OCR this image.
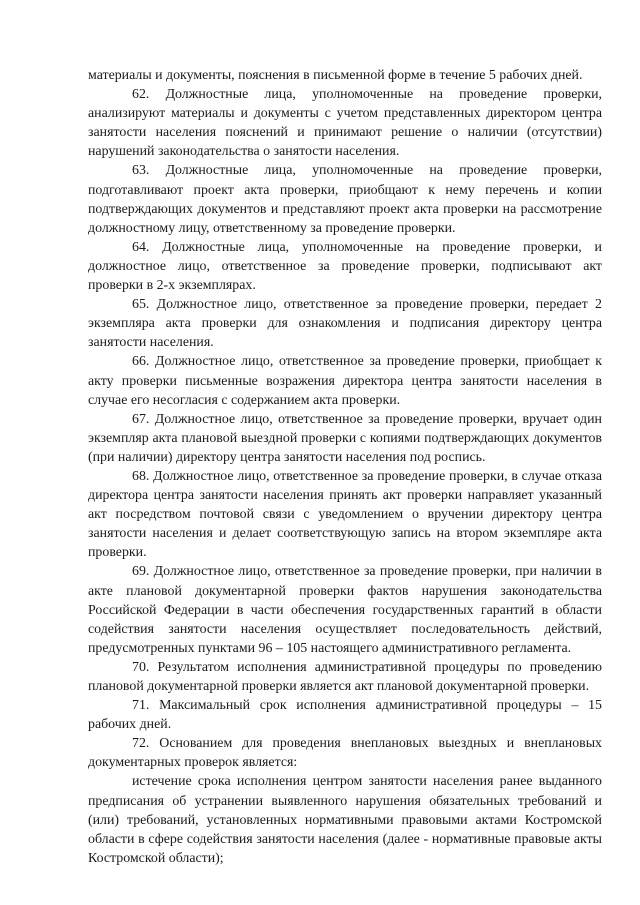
материалы и документы, пояснения в письменной форме в течение 5 рабочих дней.

62. Должностные лица, уполномоченные на проведение проверки, анализируют материалы и документы с учетом представленных директором центра занятости населения пояснений и принимают решение о наличии (отсутствии) нарушений законодательства о занятости населения.

63. Должностные лица, уполномоченные на проведение проверки, подготавливают проект акта проверки, приобщают к нему перечень и копии подтверждающих документов и представляют проект акта проверки на рассмотрение должностному лицу, ответственному за проведение проверки.

64. Должностные лица, уполномоченные на проведение проверки, и должностное лицо, ответственное за проведение проверки, подписывают акт проверки в 2-х экземплярах.

65. Должностное лицо, ответственное за проведение проверки, передает 2 экземпляра акта проверки для ознакомления и подписания директору центра занятости населения.

66. Должностное лицо, ответственное за проведение проверки, приобщает к акту проверки письменные возражения директора центра занятости населения в случае его несогласия с содержанием акта проверки.

67. Должностное лицо, ответственное за проведение проверки, вручает один экземпляр акта плановой выездной проверки с копиями подтверждающих документов (при наличии) директору центра занятости населения под роспись.

68. Должностное лицо, ответственное за проведение проверки, в случае отказа директора центра занятости населения принять акт проверки направляет указанный акт посредством почтовой связи с уведомлением о вручении директору центра занятости населения и делает соответствующую запись на втором экземпляре акта проверки.

69. Должностное лицо, ответственное за проведение проверки, при наличии в акте плановой документарной проверки фактов нарушения законодательства Российской Федерации в части обеспечения государственных гарантий в области содействия занятости населения осуществляет последовательность действий, предусмотренных пунктами 96 – 105 настоящего административного регламента.

70. Результатом исполнения административной процедуры по проведению плановой документарной проверки является акт плановой документарной проверки.

71. Максимальный срок исполнения административной процедуры – 15 рабочих дней.

72. Основанием для проведения внеплановых выездных и внеплановых документарных проверок является:

истечение срока исполнения центром занятости населения ранее выданного предписания об устранении выявленного нарушения обязательных требований и (или) требований, установленных нормативными правовыми актами Костромской области в сфере содействия занятости населения (далее - нормативные правовые акты Костромской области);
